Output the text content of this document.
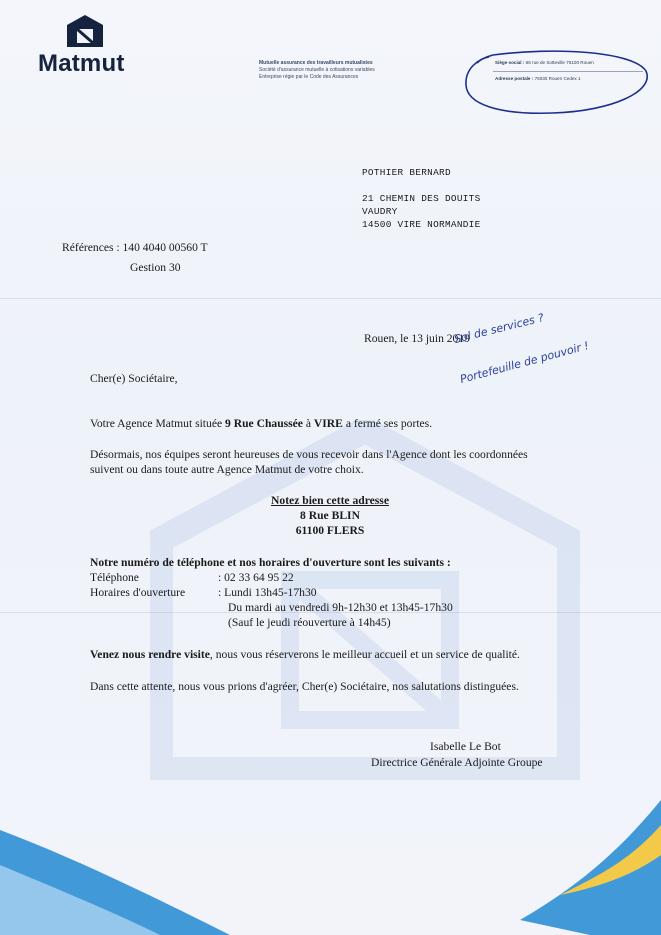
Matmut	Mutuelle assurance des travailleurs mutualistes
Société d'assurance mutuelle à cotisations variables
Entreprise régie par le Code des Assurances
Siège social : 66 rue de Sotteville 76100 Rouen
Adresse postale : 76030 Rouen Cedex 1
POTHIER BERNARD
21 CHEMIN DES DOUITS
VAUDRY
14500 VIRE NORMANDIE
Références : 140 4040 00560 T
Gestion 30
Rouen, le 13 juin 2019
Sol de services ?
Portefeuille de pouvoir !
Cher(e) Sociétaire,
Votre Agence Matmut située 9 Rue Chaussée à VIRE a fermé ses portes.
Désormais, nos équipes seront heureuses de vous recevoir dans l'Agence dont les coordonnées
suivent ou dans toute autre Agence Matmut de votre choix.
Notez bien cette adresse
8 Rue BLIN
61100 FLERS
Notre numéro de téléphone et nos horaires d'ouverture sont les suivants :
Téléphone	: 02 33 64 95 22
Horaires d'ouverture	: Lundi 13h45-17h30
Du mardi au vendredi 9h-12h30 et 13h45-17h30
(Sauf le jeudi réouverture à 14h45)
Venez nous rendre visite, nous vous réserverons le meilleur accueil et un service de qualité.
Dans cette attente, nous vous prions d'agréer, Cher(e) Sociétaire, nos salutations distinguées.
Isabelle Le Bot
Directrice Générale Adjointe Groupe
